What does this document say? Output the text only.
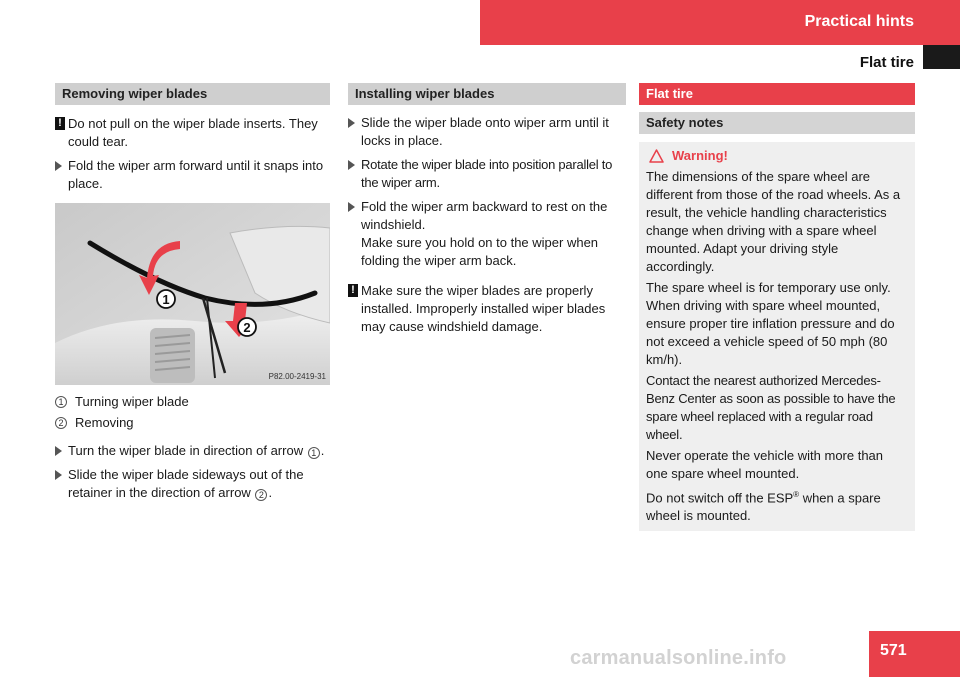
Practical hints
Flat tire
Removing wiper blades
! Do not pull on the wiper blade inserts. They could tear.
Fold the wiper arm forward until it snaps into place.
1
2
P82.00-2419-31
1 Turning wiper blade
2 Removing
Turn the wiper blade in direction of arrow 1 .
Slide the wiper blade sideways out of the retainer in the direction of arrow 2 .
Installing wiper blades
Slide the wiper blade onto wiper arm until it locks in place.
Rotate the wiper blade into position parallel to the wiper arm.
Fold the wiper arm backward to rest on the windshield.
Make sure you hold on to the wiper when folding the wiper arm back.
! Make sure the wiper blades are properly installed. Improperly installed wiper blades may cause windshield damage.
Flat tire
Safety notes
Warning!

The dimensions of the spare wheel are different from those of the road wheels. As a result, the vehicle handling characteristics change when driving with a spare wheel mounted. Adapt your driving style accordingly.

The spare wheel is for temporary use only. When driving with spare wheel mounted, ensure proper tire inflation pressure and do not exceed a vehicle speed of 50 mph (80 km/h).

Contact the nearest authorized Mercedes-Benz Center as soon as possible to have the spare wheel replaced with a regular road wheel.

Never operate the vehicle with more than one spare wheel mounted.

Do not switch off the ESP® when a spare wheel is mounted.

571
carmanualsonline.info
